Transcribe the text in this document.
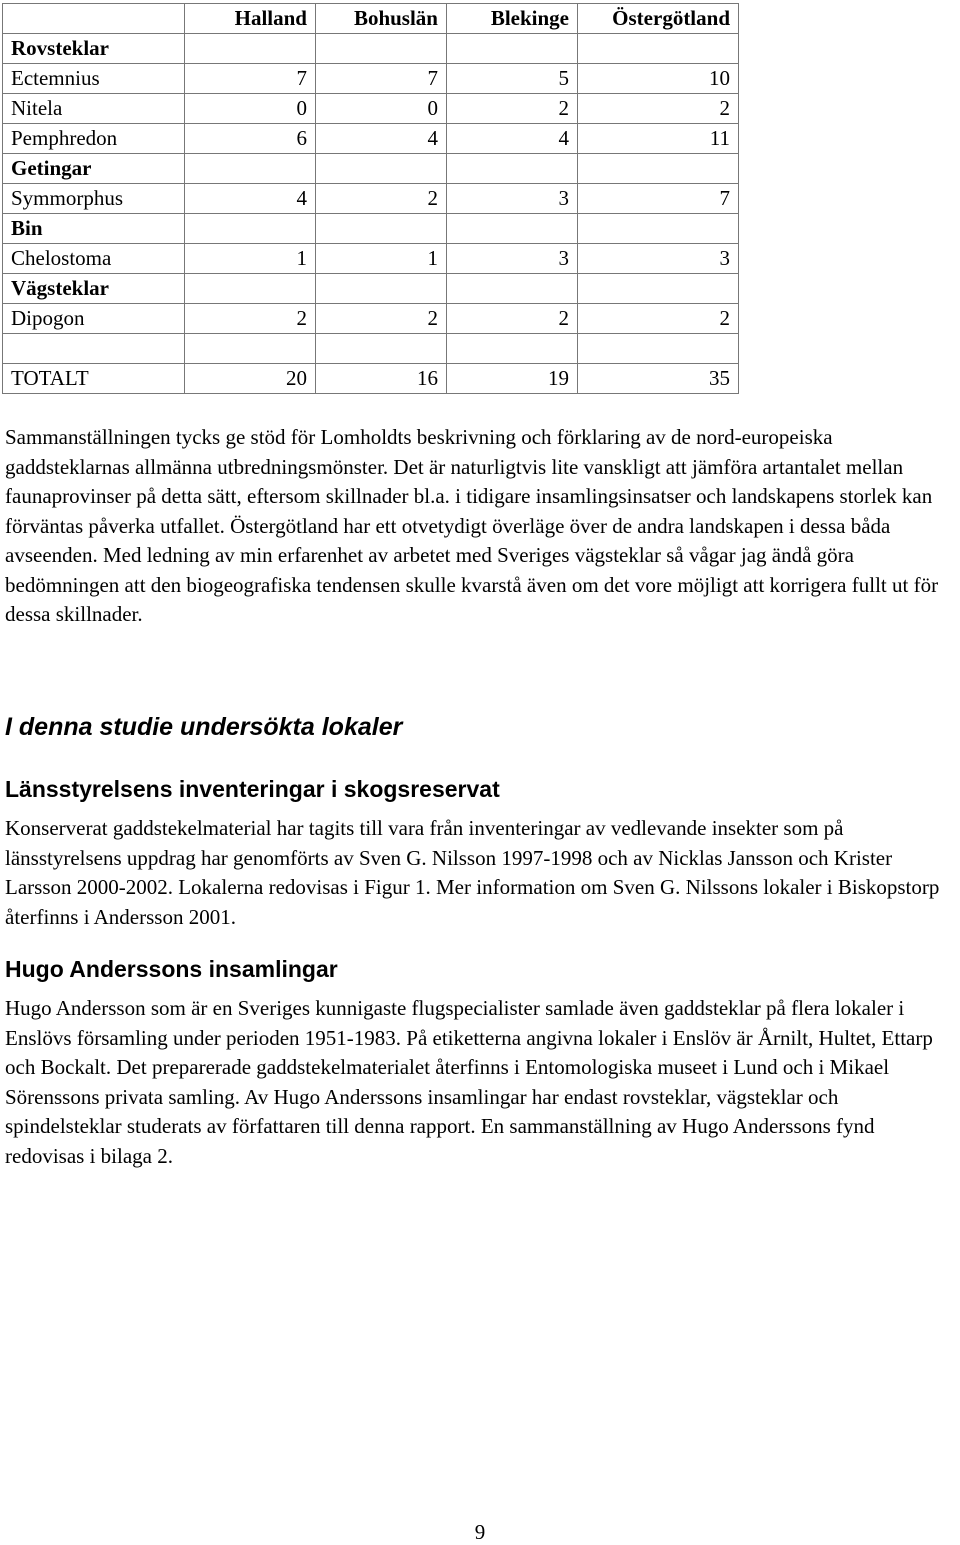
	Halland	Bohuslän	Blekinge	Östergötland
Rovsteklar				
Ectemnius	7	7	5	10
Nitela	0	0	2	2
Pemphredon	6	4	4	11
Getingar				
Symmorphus	4	2	3	7
Bin				
Chelostoma	1	1	3	3
Vägsteklar				
Dipogon	2	2	2	2

TOTALT	20	16	19	35

Sammanställningen tycks ge stöd för Lomholdts beskrivning och förklaring av de nord-europeiska gaddsteklarnas allmänna utbredningsmönster. Det är naturligtvis lite vanskligt att jämföra artantalet mellan faunaprovinser på detta sätt, eftersom skillnader bl.a. i tidigare insamlingsinsatser och landskapens storlek kan förväntas påverka utfallet. Östergötland har ett otvetydigt överläge över de andra landskapen i dessa båda avseenden. Med ledning av min erfarenhet av arbetet med Sveriges vägsteklar så vågar jag ändå göra bedömningen att den biogeografiska tendensen skulle kvarstå även om det vore möjligt att korrigera fullt ut för dessa skillnader.

I denna studie undersökta lokaler
Länsstyrelsens inventeringar i skogsreservat

Konserverat gaddstekelmaterial har tagits till vara från inventeringar av vedlevande insekter som på länsstyrelsens uppdrag har genomförts av Sven G. Nilsson 1997-1998 och av Nicklas Jansson och Krister Larsson 2000-2002. Lokalerna redovisas i Figur 1. Mer information om Sven G. Nilssons lokaler i Biskopstorp återfinns i Andersson 2001.

Hugo Anderssons insamlingar

Hugo Andersson som är en Sveriges kunnigaste flugspecialister samlade även gaddsteklar på flera lokaler i Enslövs församling under perioden 1951-1983. På etiketterna angivna lokaler i Enslöv är Årnilt, Hultet, Ettarp och Bockalt. Det preparerade gaddstekelmaterialet återfinns i Entomologiska museet i Lund och i Mikael Sörenssons privata samling. Av Hugo Anderssons insamlingar har endast rovsteklar, vägsteklar och spindelsteklar studerats av författaren till denna rapport. En sammanställning av Hugo Anderssons fynd redovisas i bilaga 2.

9
